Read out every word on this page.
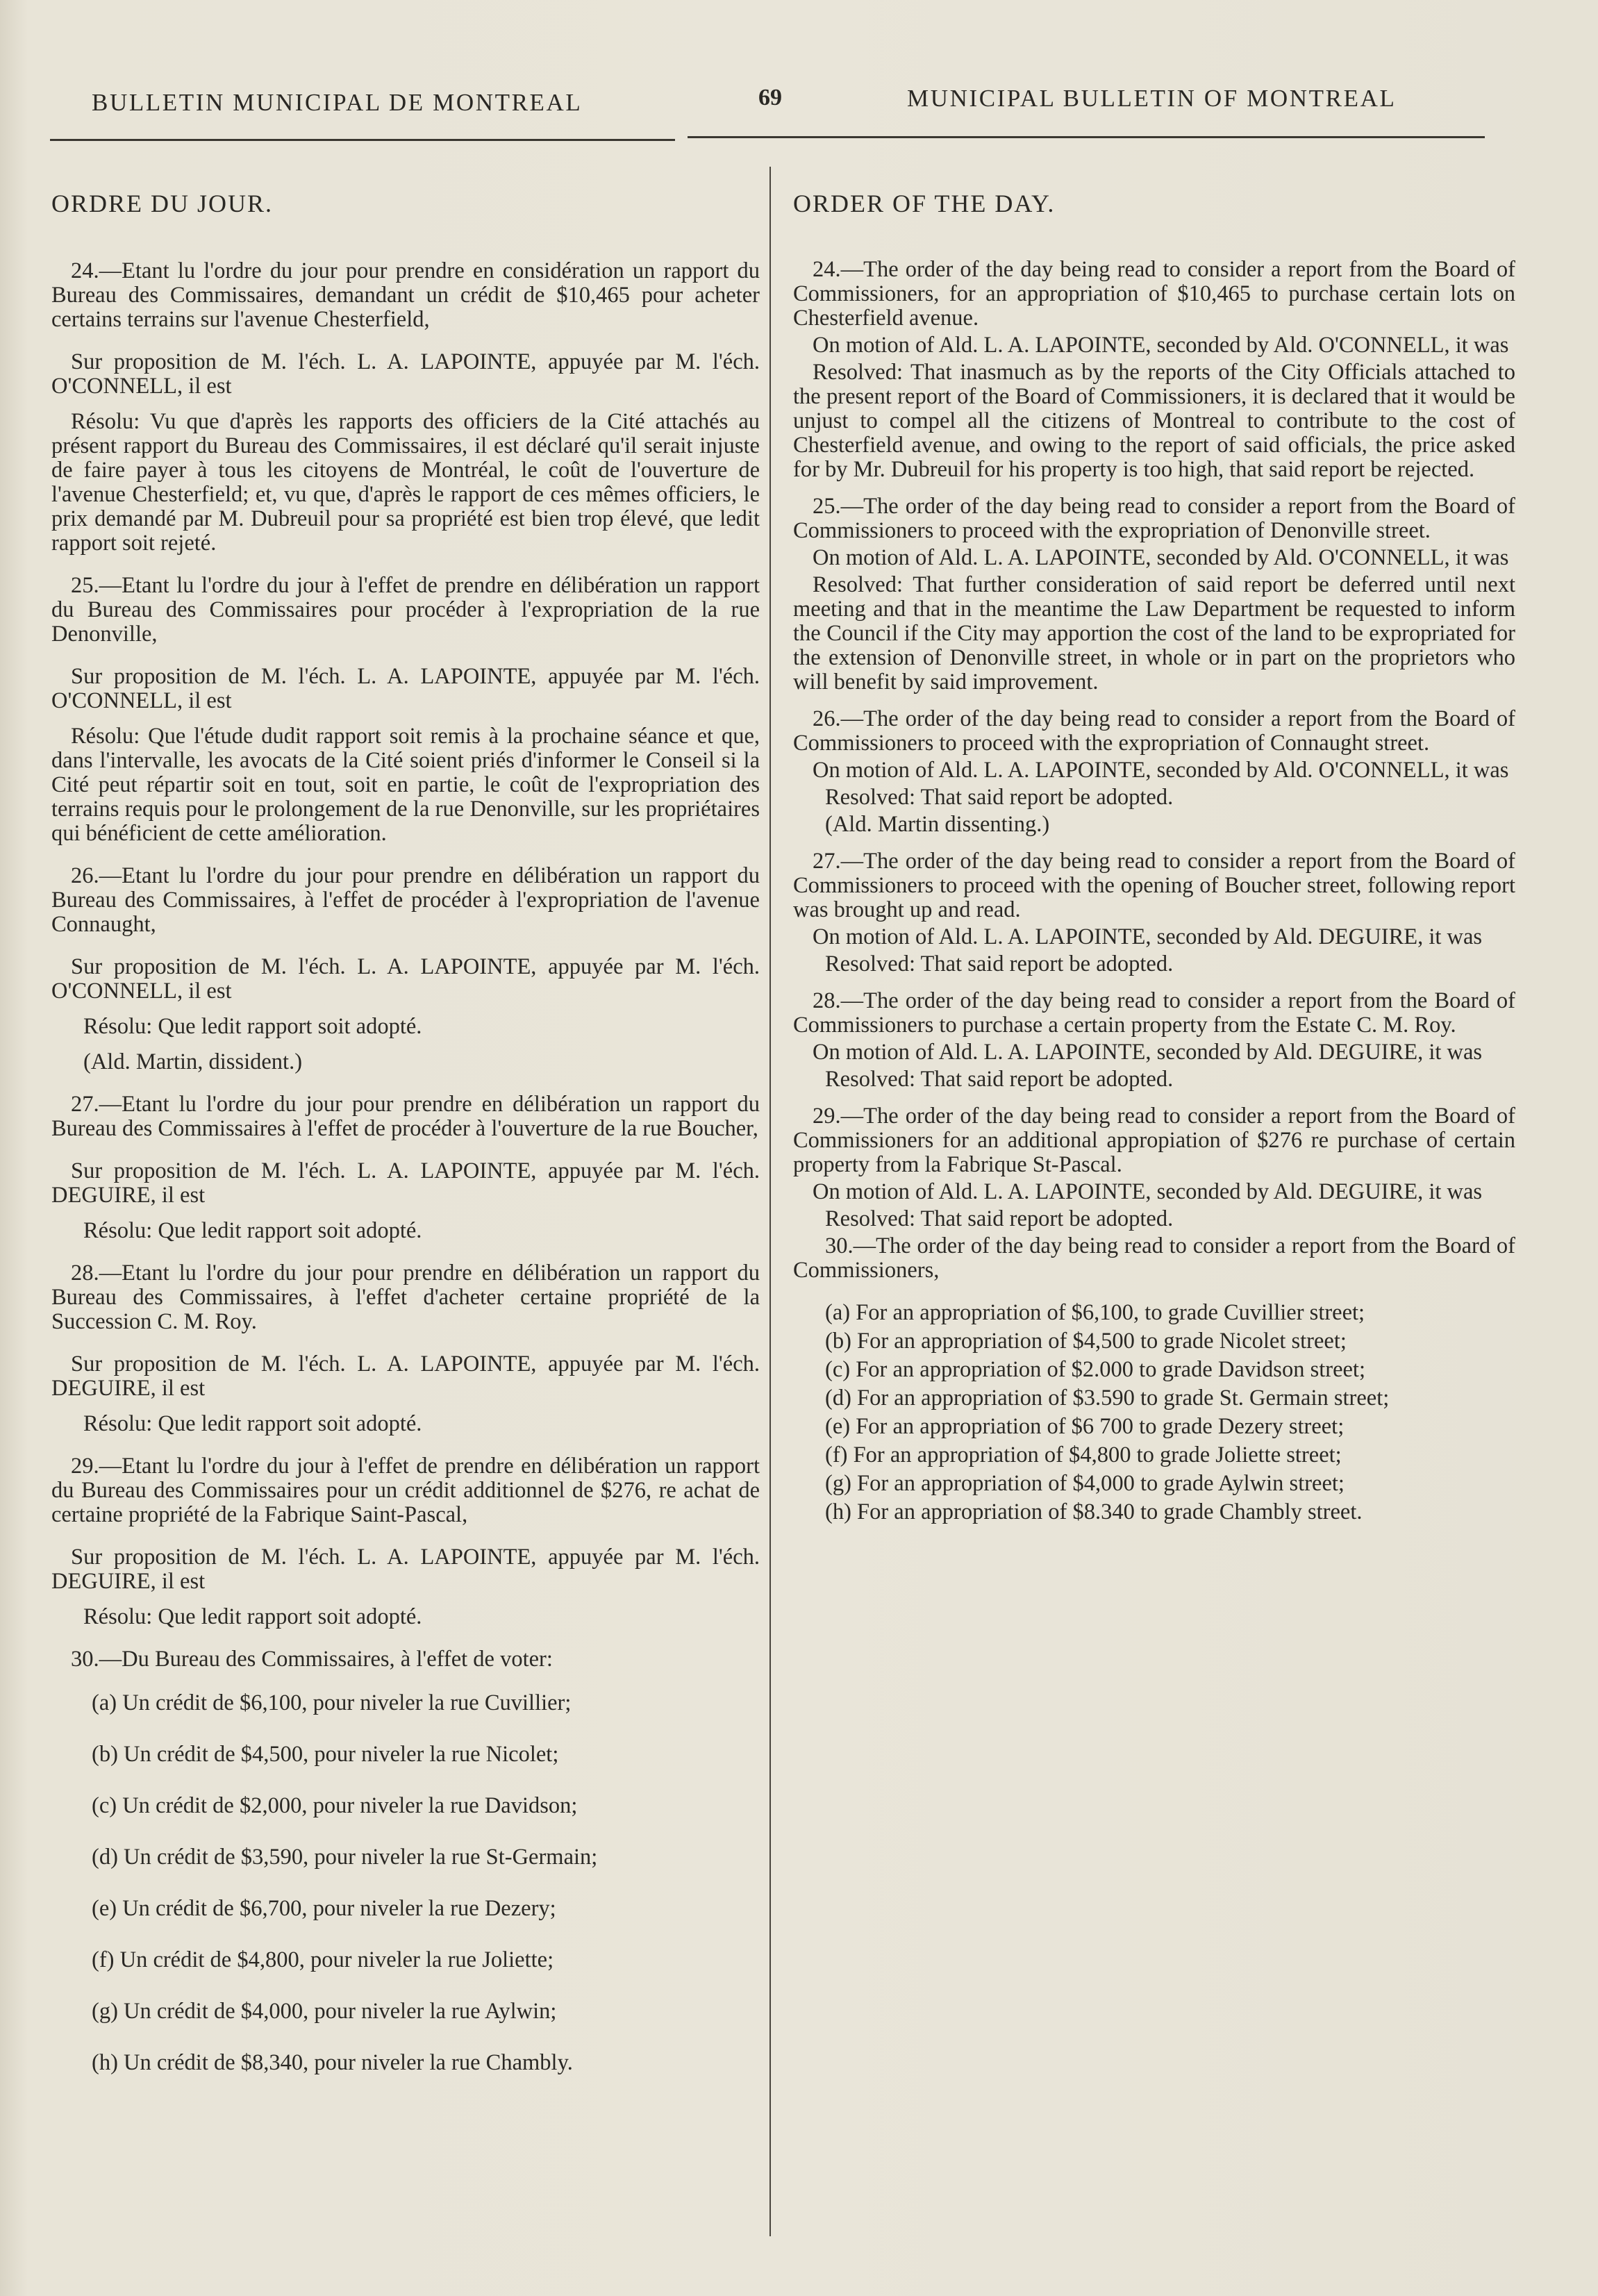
BULLETIN MUNICIPAL DE MONTREAL	69	MUNICIPAL BULLETIN OF MONTREAL
ORDRE DU JOUR.

24.—Etant lu l'ordre du jour pour prendre en considération un rapport du Bureau des Commissaires, demandant un crédit de $10,465 pour acheter certains terrains sur l'avenue Chesterfield,

Sur proposition de M. l'éch. L. A. LAPOINTE, appuyée par M. l'éch. O'CONNELL, il est

Résolu: Vu que d'après les rapports des officiers de la Cité attachés au présent rapport du Bureau des Commissaires, il est déclaré qu'il serait injuste de faire payer à tous les citoyens de Montréal, le coût de l'ouverture de l'avenue Chesterfield; et, vu que, d'après le rapport de ces mêmes officiers, le prix demandé par M. Dubreuil pour sa propriété est bien trop élevé, que ledit rapport soit rejeté.

25.—Etant lu l'ordre du jour à l'effet de prendre en délibération un rapport du Bureau des Commissaires pour procéder à l'expropriation de la rue Denonville,

Sur proposition de M. l'éch. L. A. LAPOINTE, appuyée par M. l'éch. O'CONNELL, il est

Résolu: Que l'étude dudit rapport soit remis à la prochaine séance et que, dans l'intervalle, les avocats de la Cité soient priés d'informer le Conseil si la Cité peut répartir soit en tout, soit en partie, le coût de l'expropriation des terrains requis pour le prolongement de la rue Denonville, sur les propriétaires qui bénéficient de cette amélioration.

26.—Etant lu l'ordre du jour pour prendre en délibération un rapport du Bureau des Commissaires, à l'effet de procéder à l'expropriation de l'avenue Connaught,

Sur proposition de M. l'éch. L. A. LAPOINTE, appuyée par M. l'éch. O'CONNELL, il est

Résolu: Que ledit rapport soit adopté.

(Ald. Martin, dissident.)

27.—Etant lu l'ordre du jour pour prendre en délibération un rapport du Bureau des Commissaires à l'effet de procéder à l'ouverture de la rue Boucher,

Sur proposition de M. l'éch. L. A. LAPOINTE, appuyée par M. l'éch. DEGUIRE, il est

Résolu: Que ledit rapport soit adopté.

28.—Etant lu l'ordre du jour pour prendre en délibération un rapport du Bureau des Commissaires, à l'effet d'acheter certaine propriété de la Succession C. M. Roy.

Sur proposition de M. l'éch. L. A. LAPOINTE, appuyée par M. l'éch. DEGUIRE, il est

Résolu: Que ledit rapport soit adopté.

29.—Etant lu l'ordre du jour à l'effet de prendre en délibération un rapport du Bureau des Commissaires pour un crédit additionnel de $276, re achat de certaine propriété de la Fabrique Saint-Pascal,

Sur proposition de M. l'éch. L. A. LAPOINTE, appuyée par M. l'éch. DEGUIRE, il est

Résolu: Que ledit rapport soit adopté.

30.—Du Bureau des Commissaires, à l'effet de voter:

(a) Un crédit de $6,100, pour niveler la rue Cuvillier;
(b) Un crédit de $4,500, pour niveler la rue Nicolet;
(c) Un crédit de $2,000, pour niveler la rue Davidson;
(d) Un crédit de $3,590, pour niveler la rue St-Germain;
(e) Un crédit de $6,700, pour niveler la rue Dezery;
(f) Un crédit de $4,800, pour niveler la rue Joliette;
(g) Un crédit de $4,000, pour niveler la rue Aylwin;
(h) Un crédit de $8,340, pour niveler la rue Chambly.
ORDER OF THE DAY.

24.—The order of the day being read to consider a report from the Board of Commissioners, for an appropriation of $10,465 to purchase certain lots on Chesterfield avenue.

On motion of Ald. L. A. LAPOINTE, seconded by Ald. O'CONNELL, it was

Resolved: That inasmuch as by the reports of the City Officials attached to the present report of the Board of Commissioners, it is declared that it would be unjust to compel all the citizens of Montreal to contribute to the cost of Chesterfield avenue, and owing to the report of said officials, the price asked for by Mr. Dubreuil for his property is too high, that said report be rejected.

25.—The order of the day being read to consider a report from the Board of Commissioners to proceed with the expropriation of Denonville street.

On motion of Ald. L. A. LAPOINTE, seconded by Ald. O'CONNELL, it was

Resolved: That further consideration of said report be deferred until next meeting and that in the meantime the Law Department be requested to inform the Council if the City may apportion the cost of the land to be expropriated for the extension of Denonville street, in whole or in part on the proprietors who will benefit by said improvement.

26.—The order of the day being read to consider a report from the Board of Commissioners to proceed with the expropriation of Connaught street.

On motion of Ald. L. A. LAPOINTE, seconded by Ald. O'CONNELL, it was

Resolved: That said report be adopted.

(Ald. Martin dissenting.)

27.—The order of the day being read to consider a report from the Board of Commissioners to proceed with the opening of Boucher street, following report was brought up and read.

On motion of Ald. L. A. LAPOINTE, seconded by Ald. DEGUIRE, it was

Resolved: That said report be adopted.

28.—The order of the day being read to consider a report from the Board of Commissioners to purchase a certain property from the Estate C. M. Roy.

On motion of Ald. L. A. LAPOINTE, seconded by Ald. DEGUIRE, it was

Resolved: That said report be adopted.

29.—The order of the day being read to consider a report from the Board of Commissioners for an additional appropiation of $276 re purchase of certain property from la Fabrique St-Pascal.

On motion of Ald. L. A. LAPOINTE, seconded by Ald. DEGUIRE, it was

Resolved: That said report be adopted.

30.—The order of the day being read to consider a report from the Board of Commissioners,

(a) For an appropriation of $6,100, to grade Cuvillier street;
(b) For an appropriation of $4,500 to grade Nicolet street;
(c) For an appropriation of $2.000 to grade Davidson street;
(d) For an appropriation of $3.590 to grade St. Germain street;
(e) For an appropriation of $6 700 to grade Dezery street;
(f) For an appropriation of $4,800 to grade Joliette street;
(g) For an appropriation of $4,000 to grade Aylwin street;
(h) For an appropriation of $8.340 to grade Chambly street.
